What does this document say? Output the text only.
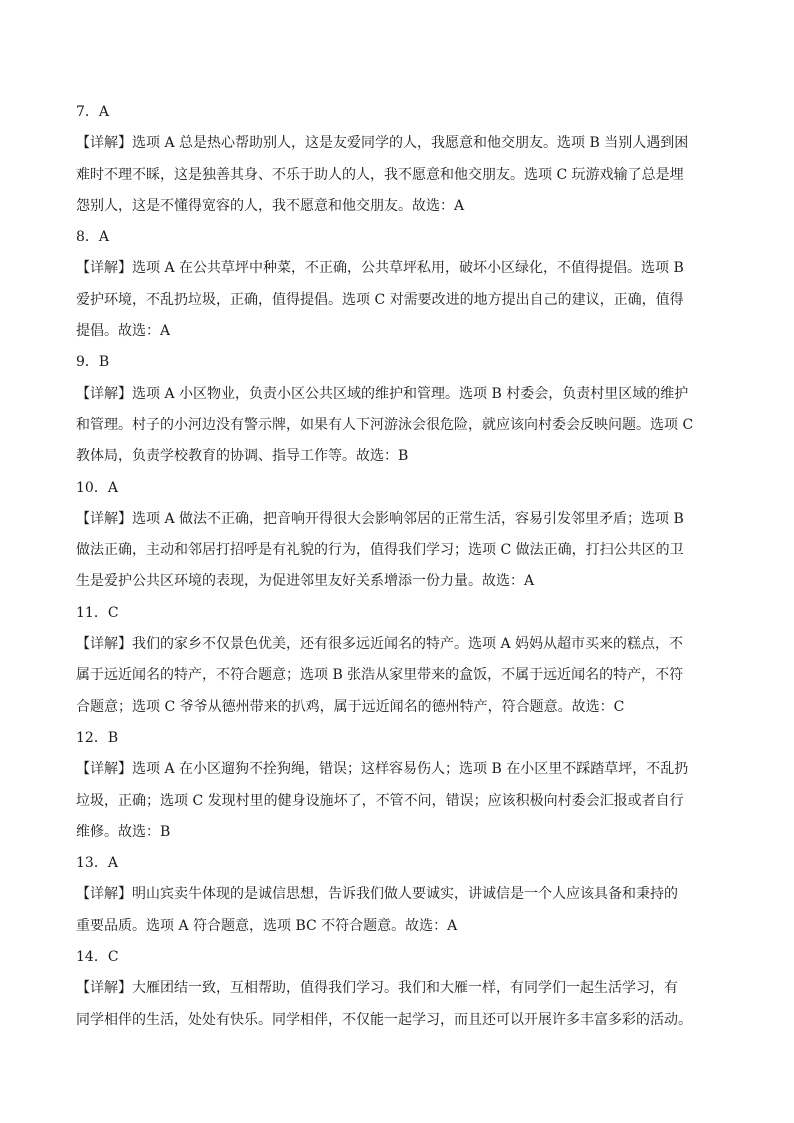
7．A
【详解】选项 A 总是热心帮助别人，这是友爱同学的人，我愿意和他交朋友。选项 B 当别人遇到困
难时不理不睬，这是独善其身、不乐于助人的人，我不愿意和他交朋友。选项 C 玩游戏输了总是埋
怨别人，这是不懂得宽容的人，我不愿意和他交朋友。故选：A
8．A
【详解】选项 A 在公共草坪中种菜，不正确，公共草坪私用，破坏小区绿化，不值得提倡。选项 B
爱护环境，不乱扔垃圾，正确，值得提倡。选项 C 对需要改进的地方提出自己的建议，正确，值得
提倡。故选：A
9．B
【详解】选项 A 小区物业，负责小区公共区域的维护和管理。选项 B 村委会，负责村里区域的维护
和管理。村子的小河边没有警示牌，如果有人下河游泳会很危险，就应该向村委会反映问题。选项 C
教体局，负责学校教育的协调、指导工作等。故选：B
10．A
【详解】选项 A 做法不正确，把音响开得很大会影响邻居的正常生活，容易引发邻里矛盾；选项 B
做法正确，主动和邻居打招呼是有礼貌的行为，值得我们学习；选项 C 做法正确，打扫公共区的卫
生是爱护公共区环境的表现，为促进邻里友好关系增添一份力量。故选：A
11．C
【详解】我们的家乡不仅景色优美，还有很多远近闻名的特产。选项 A 妈妈从超市买来的糕点，不
属于远近闻名的特产，不符合题意；选项 B 张浩从家里带来的盒饭，不属于远近闻名的特产，不符
合题意；选项 C 爷爷从德州带来的扒鸡，属于远近闻名的德州特产，符合题意。故选：C
12．B
【详解】选项 A 在小区遛狗不拴狗绳，错误；这样容易伤人；选项 B 在小区里不踩踏草坪，不乱扔
垃圾，正确；选项 C 发现村里的健身设施坏了，不管不问，错误；应该积极向村委会汇报或者自行
维修。故选：B
13．A
【详解】明山宾卖牛体现的是诚信思想，告诉我们做人要诚实，讲诚信是一个人应该具备和秉持的
重要品质。选项 A 符合题意，选项 BC 不符合题意。故选：A
14．C
【详解】大雁团结一致，互相帮助，值得我们学习。我们和大雁一样，有同学们一起生活学习，有
同学相伴的生活，处处有快乐。同学相伴，不仅能一起学习，而且还可以开展许多丰富多彩的活动。
